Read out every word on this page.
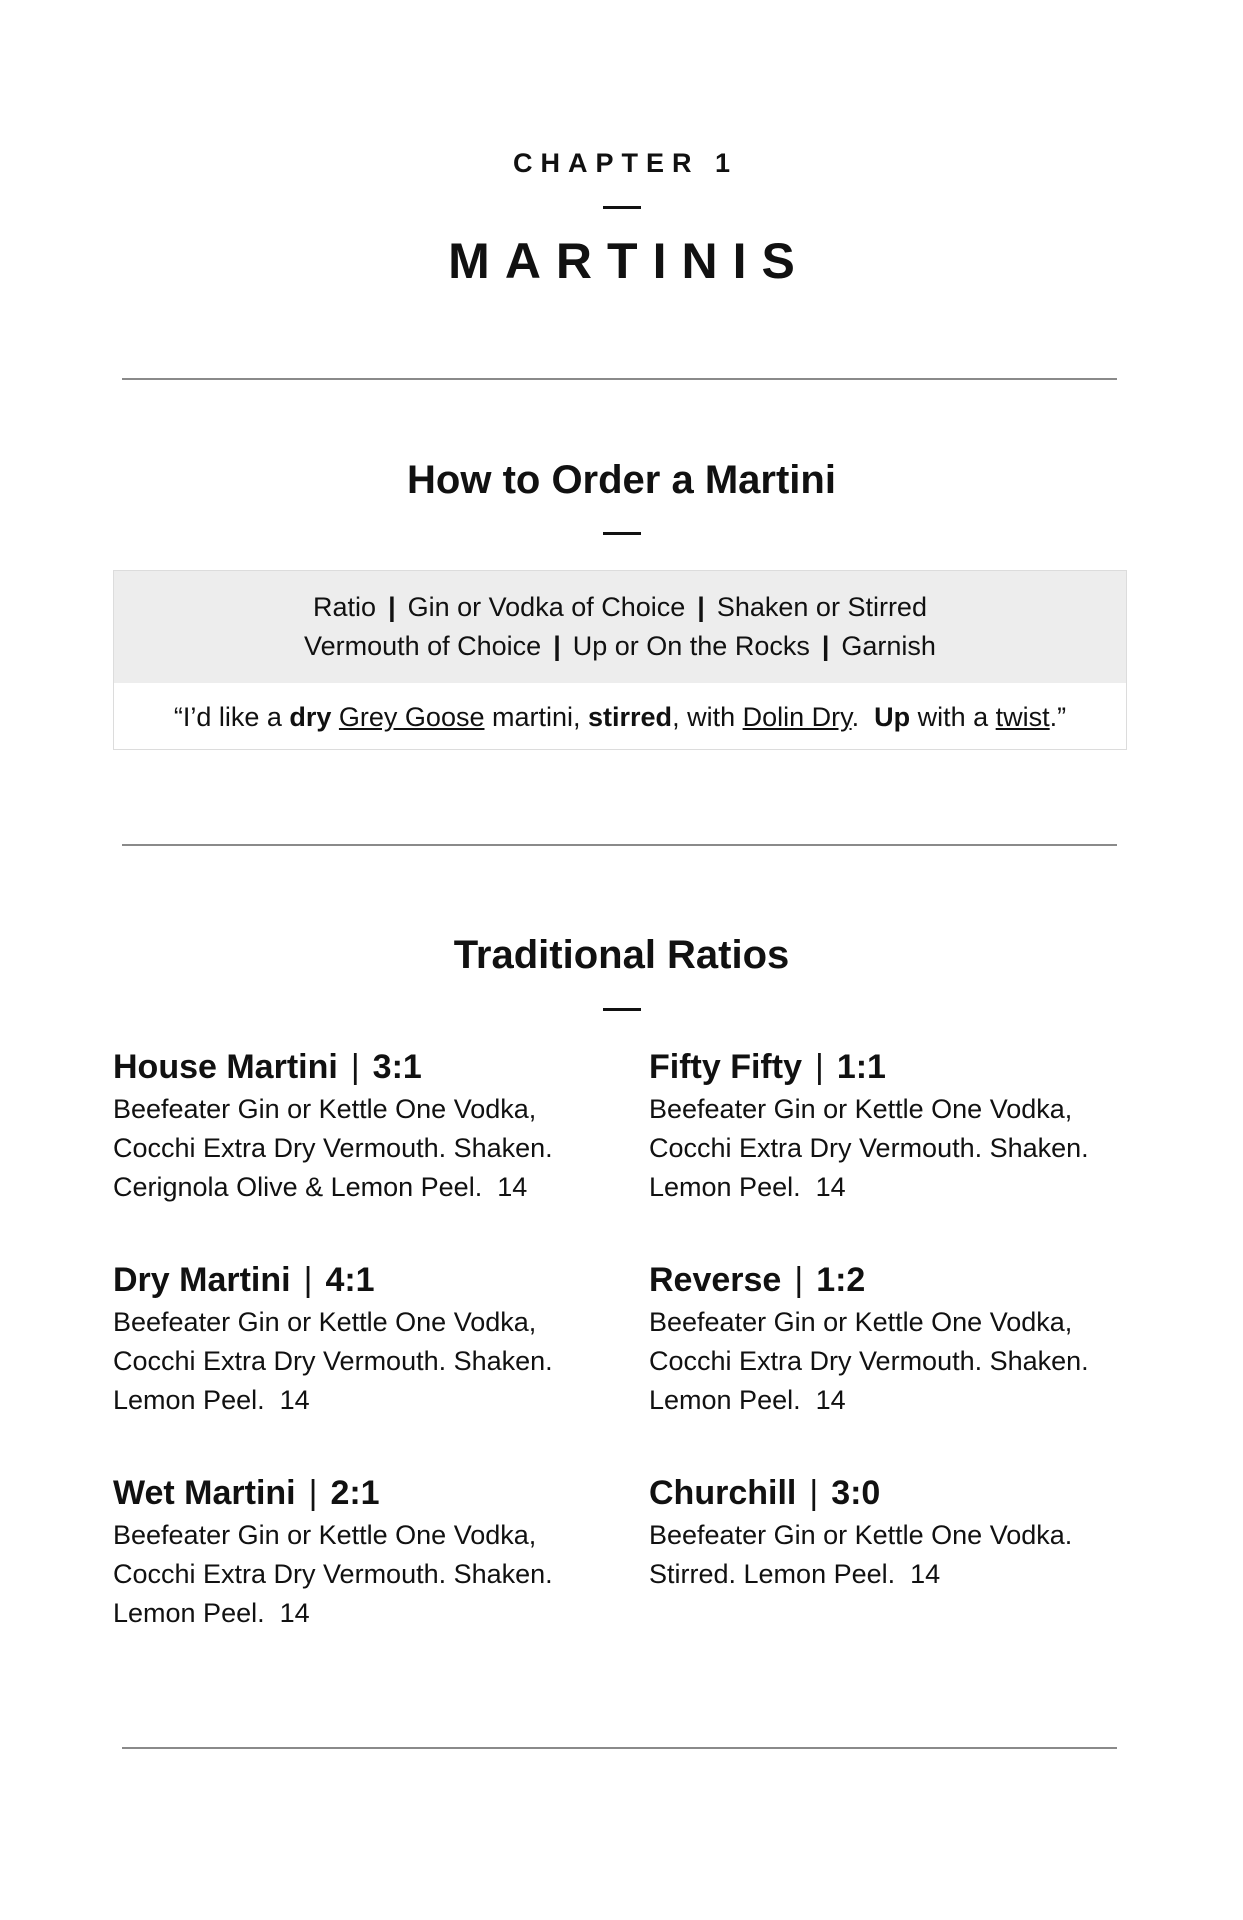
CHAPTER 1
MARTINIS
How to Order a Martini
Ratio | Gin or Vodka of Choice | Shaken or Stirred
Vermouth of Choice | Up or On the Rocks | Garnish
“I’d like a dry Grey Goose martini, stirred, with Dolin Dry.  Up with a twist.”
Traditional Ratios
House Martini | 3:1
Beefeater Gin or Kettle One Vodka,
Cocchi Extra Dry Vermouth. Shaken.
Cerignola Olive & Lemon Peel.  14
Fifty Fifty | 1:1
Beefeater Gin or Kettle One Vodka,
Cocchi Extra Dry Vermouth. Shaken.
Lemon Peel.  14
Dry Martini | 4:1
Beefeater Gin or Kettle One Vodka,
Cocchi Extra Dry Vermouth. Shaken.
Lemon Peel.  14
Reverse | 1:2
Beefeater Gin or Kettle One Vodka,
Cocchi Extra Dry Vermouth. Shaken.
Lemon Peel.  14
Wet Martini | 2:1
Beefeater Gin or Kettle One Vodka,
Cocchi Extra Dry Vermouth. Shaken.
Lemon Peel.  14
Churchill | 3:0
Beefeater Gin or Kettle One Vodka.
Stirred. Lemon Peel.  14
